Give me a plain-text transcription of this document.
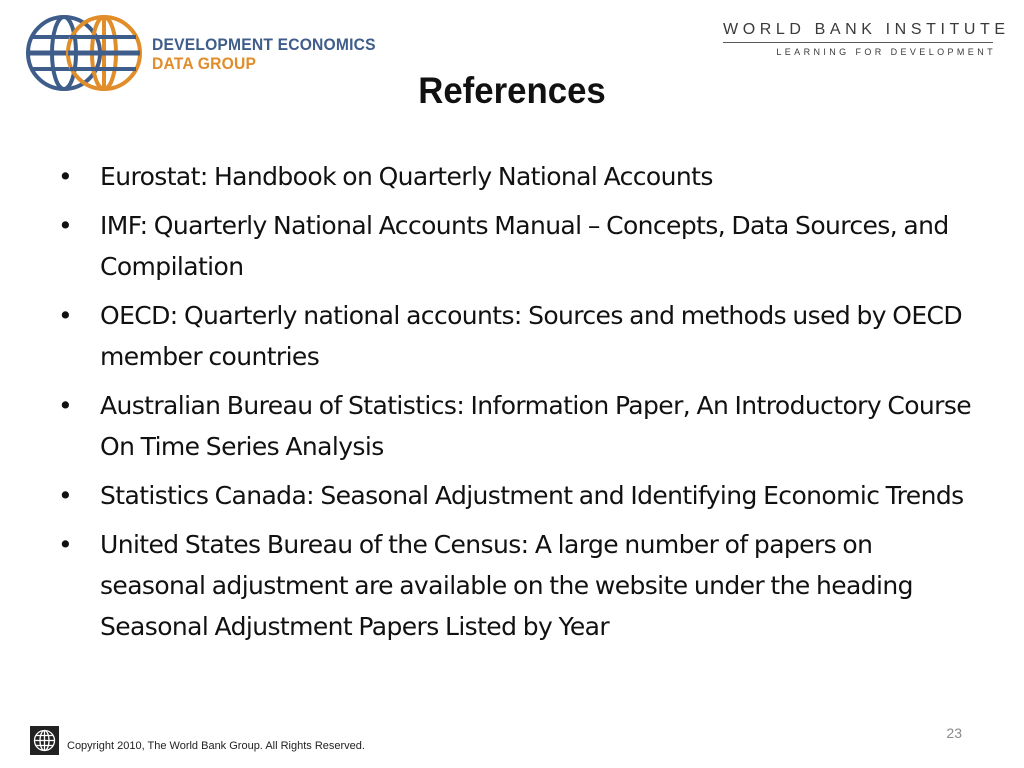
DEVELOPMENT ECONOMICS
DATA GROUP
WORLD BANK INSTITUTE
LEARNING FOR DEVELOPMENT
References
• Eurostat: Handbook on Quarterly National Accounts
• IMF: Quarterly National Accounts Manual – Concepts, Data Sources, and Compilation
• OECD: Quarterly national accounts: Sources and methods used by OECD member countries
• Australian Bureau of Statistics: Information Paper, An Introductory Course On Time Series Analysis
• Statistics Canada: Seasonal Adjustment and Identifying Economic Trends
• United States Bureau of the Census: A large number of papers on seasonal adjustment are available on the website under the heading Seasonal Adjustment Papers Listed by Year
Copyright 2010, The World Bank Group. All Rights Reserved.
23
